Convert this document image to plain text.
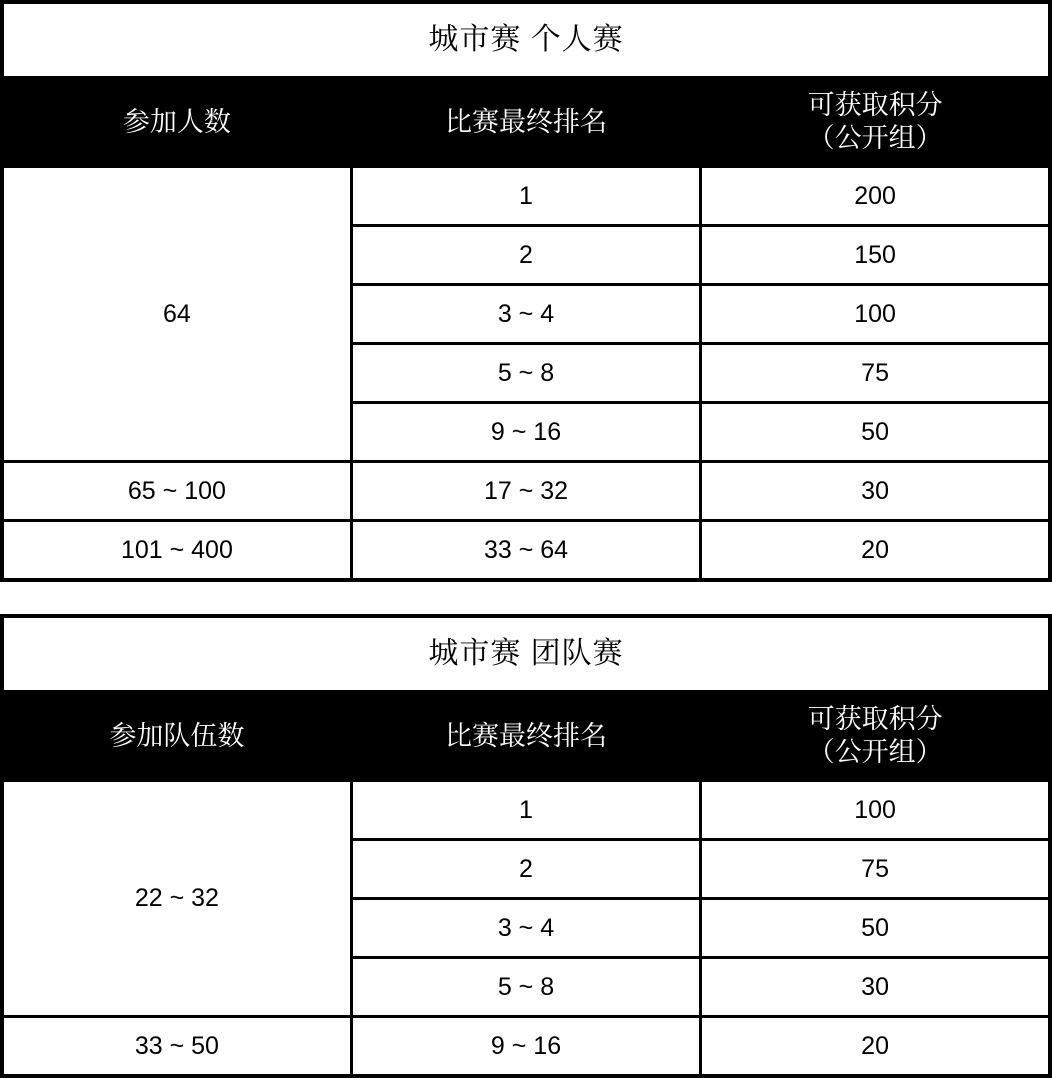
城市赛 个人赛		
参加人数	比赛最终排名	可获取积分
（公开组）

64	1	200
	2	150
	3 ~ 4	100
	5 ~ 8	75
	9 ~ 16	50
65 ~ 100	17 ~ 32	30
101 ~ 400	33 ~ 64	20
城市赛 团队赛		
参加队伍数	比赛最终排名	可获取积分
（公开组）

22 ~ 32	1	100
	2	75
	3 ~ 4	50
	5 ~ 8	30
33 ~ 50	9 ~ 16	20
